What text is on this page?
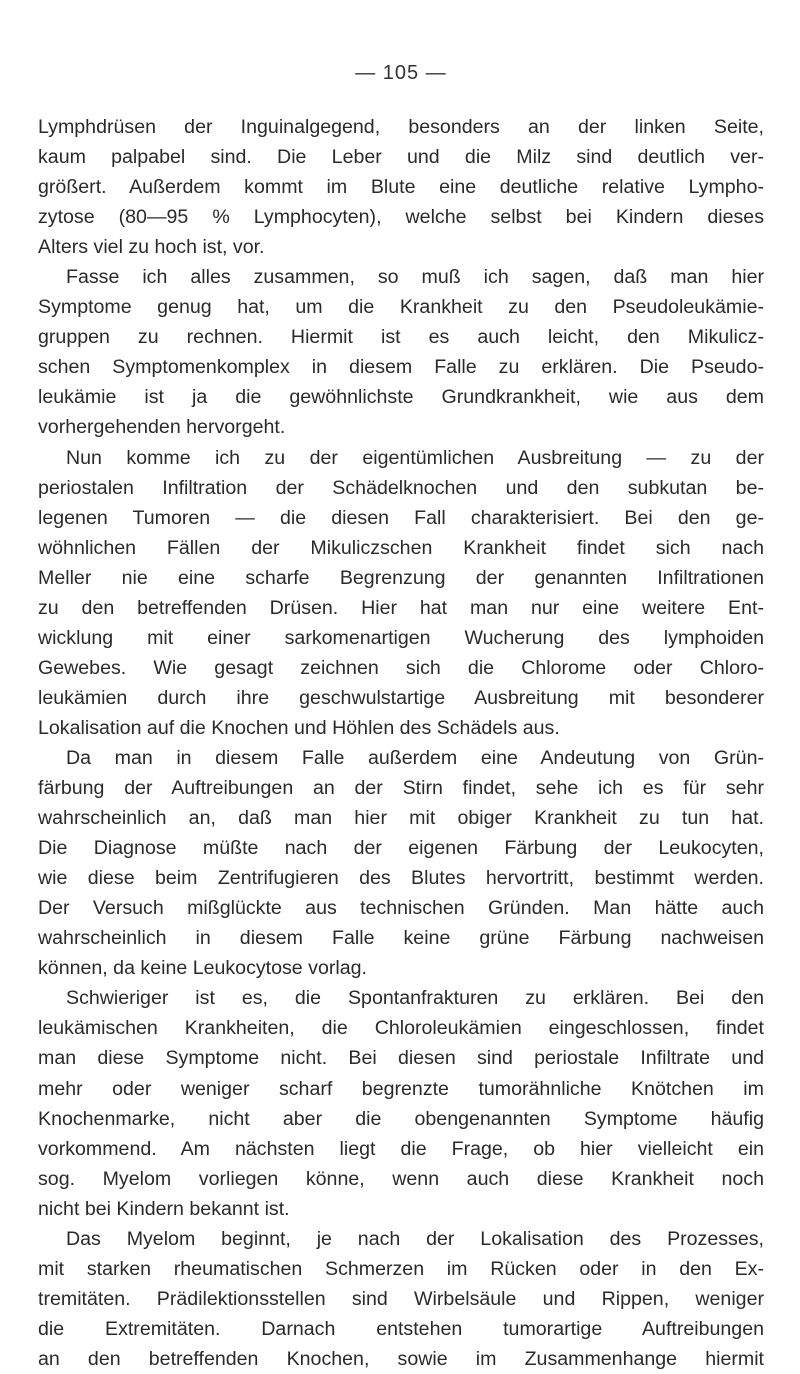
— 105 —
Lymphdrüsen der Inguinalgegend, besonders an der linken Seite,
kaum palpabel sind. Die Leber und die Milz sind deutlich ver-
größert. Außerdem kommt im Blute eine deutliche relative Lympho-
zytose (80—95 % Lymphocyten), welche selbst bei Kindern dieses
Alters viel zu hoch ist, vor.
Fasse ich alles zusammen, so muß ich sagen, daß man hier
Symptome genug hat, um die Krankheit zu den Pseudoleukämie-
gruppen zu rechnen. Hiermit ist es auch leicht, den Mikulicz-
schen Symptomenkomplex in diesem Falle zu erklären. Die Pseudo-
leukämie ist ja die gewöhnlichste Grundkrankheit, wie aus dem
vorhergehenden hervorgeht.
Nun komme ich zu der eigentümlichen Ausbreitung — zu der
periostalen Infiltration der Schädelknochen und den subkutan be-
legenen Tumoren — die diesen Fall charakterisiert. Bei den ge-
wöhnlichen Fällen der Mikuliczschen Krankheit findet sich nach
Meller nie eine scharfe Begrenzung der genannten Infiltrationen
zu den betreffenden Drüsen. Hier hat man nur eine weitere Ent-
wicklung mit einer sarkomenartigen Wucherung des lymphoiden
Gewebes. Wie gesagt zeichnen sich die Chlorome oder Chloro-
leukämien durch ihre geschwulstartige Ausbreitung mit besonderer
Lokalisation auf die Knochen und Höhlen des Schädels aus.
Da man in diesem Falle außerdem eine Andeutung von Grün-
färbung der Auftreibungen an der Stirn findet, sehe ich es für sehr
wahrscheinlich an, daß man hier mit obiger Krankheit zu tun hat.
Die Diagnose müßte nach der eigenen Färbung der Leukocyten,
wie diese beim Zentrifugieren des Blutes hervortritt, bestimmt werden.
Der Versuch mißglückte aus technischen Gründen. Man hätte auch
wahrscheinlich in diesem Falle keine grüne Färbung nachweisen
können, da keine Leukocytose vorlag.
Schwieriger ist es, die Spontanfrakturen zu erklären. Bei den
leukämischen Krankheiten, die Chloroleukämien eingeschlossen, findet
man diese Symptome nicht. Bei diesen sind periostale Infiltrate und
mehr oder weniger scharf begrenzte tumorähnliche Knötchen im
Knochenmarke, nicht aber die obengenannten Symptome häufig
vorkommend. Am nächsten liegt die Frage, ob hier vielleicht ein
sog. Myelom vorliegen könne, wenn auch diese Krankheit noch
nicht bei Kindern bekannt ist.
Das Myelom beginnt, je nach der Lokalisation des Prozesses,
mit starken rheumatischen Schmerzen im Rücken oder in den Ex-
tremitäten. Prädilektionsstellen sind Wirbelsäule und Rippen, weniger
die Extremitäten. Darnach entstehen tumorartige Auftreibungen
an den betreffenden Knochen, sowie im Zusammenhange hiermit
